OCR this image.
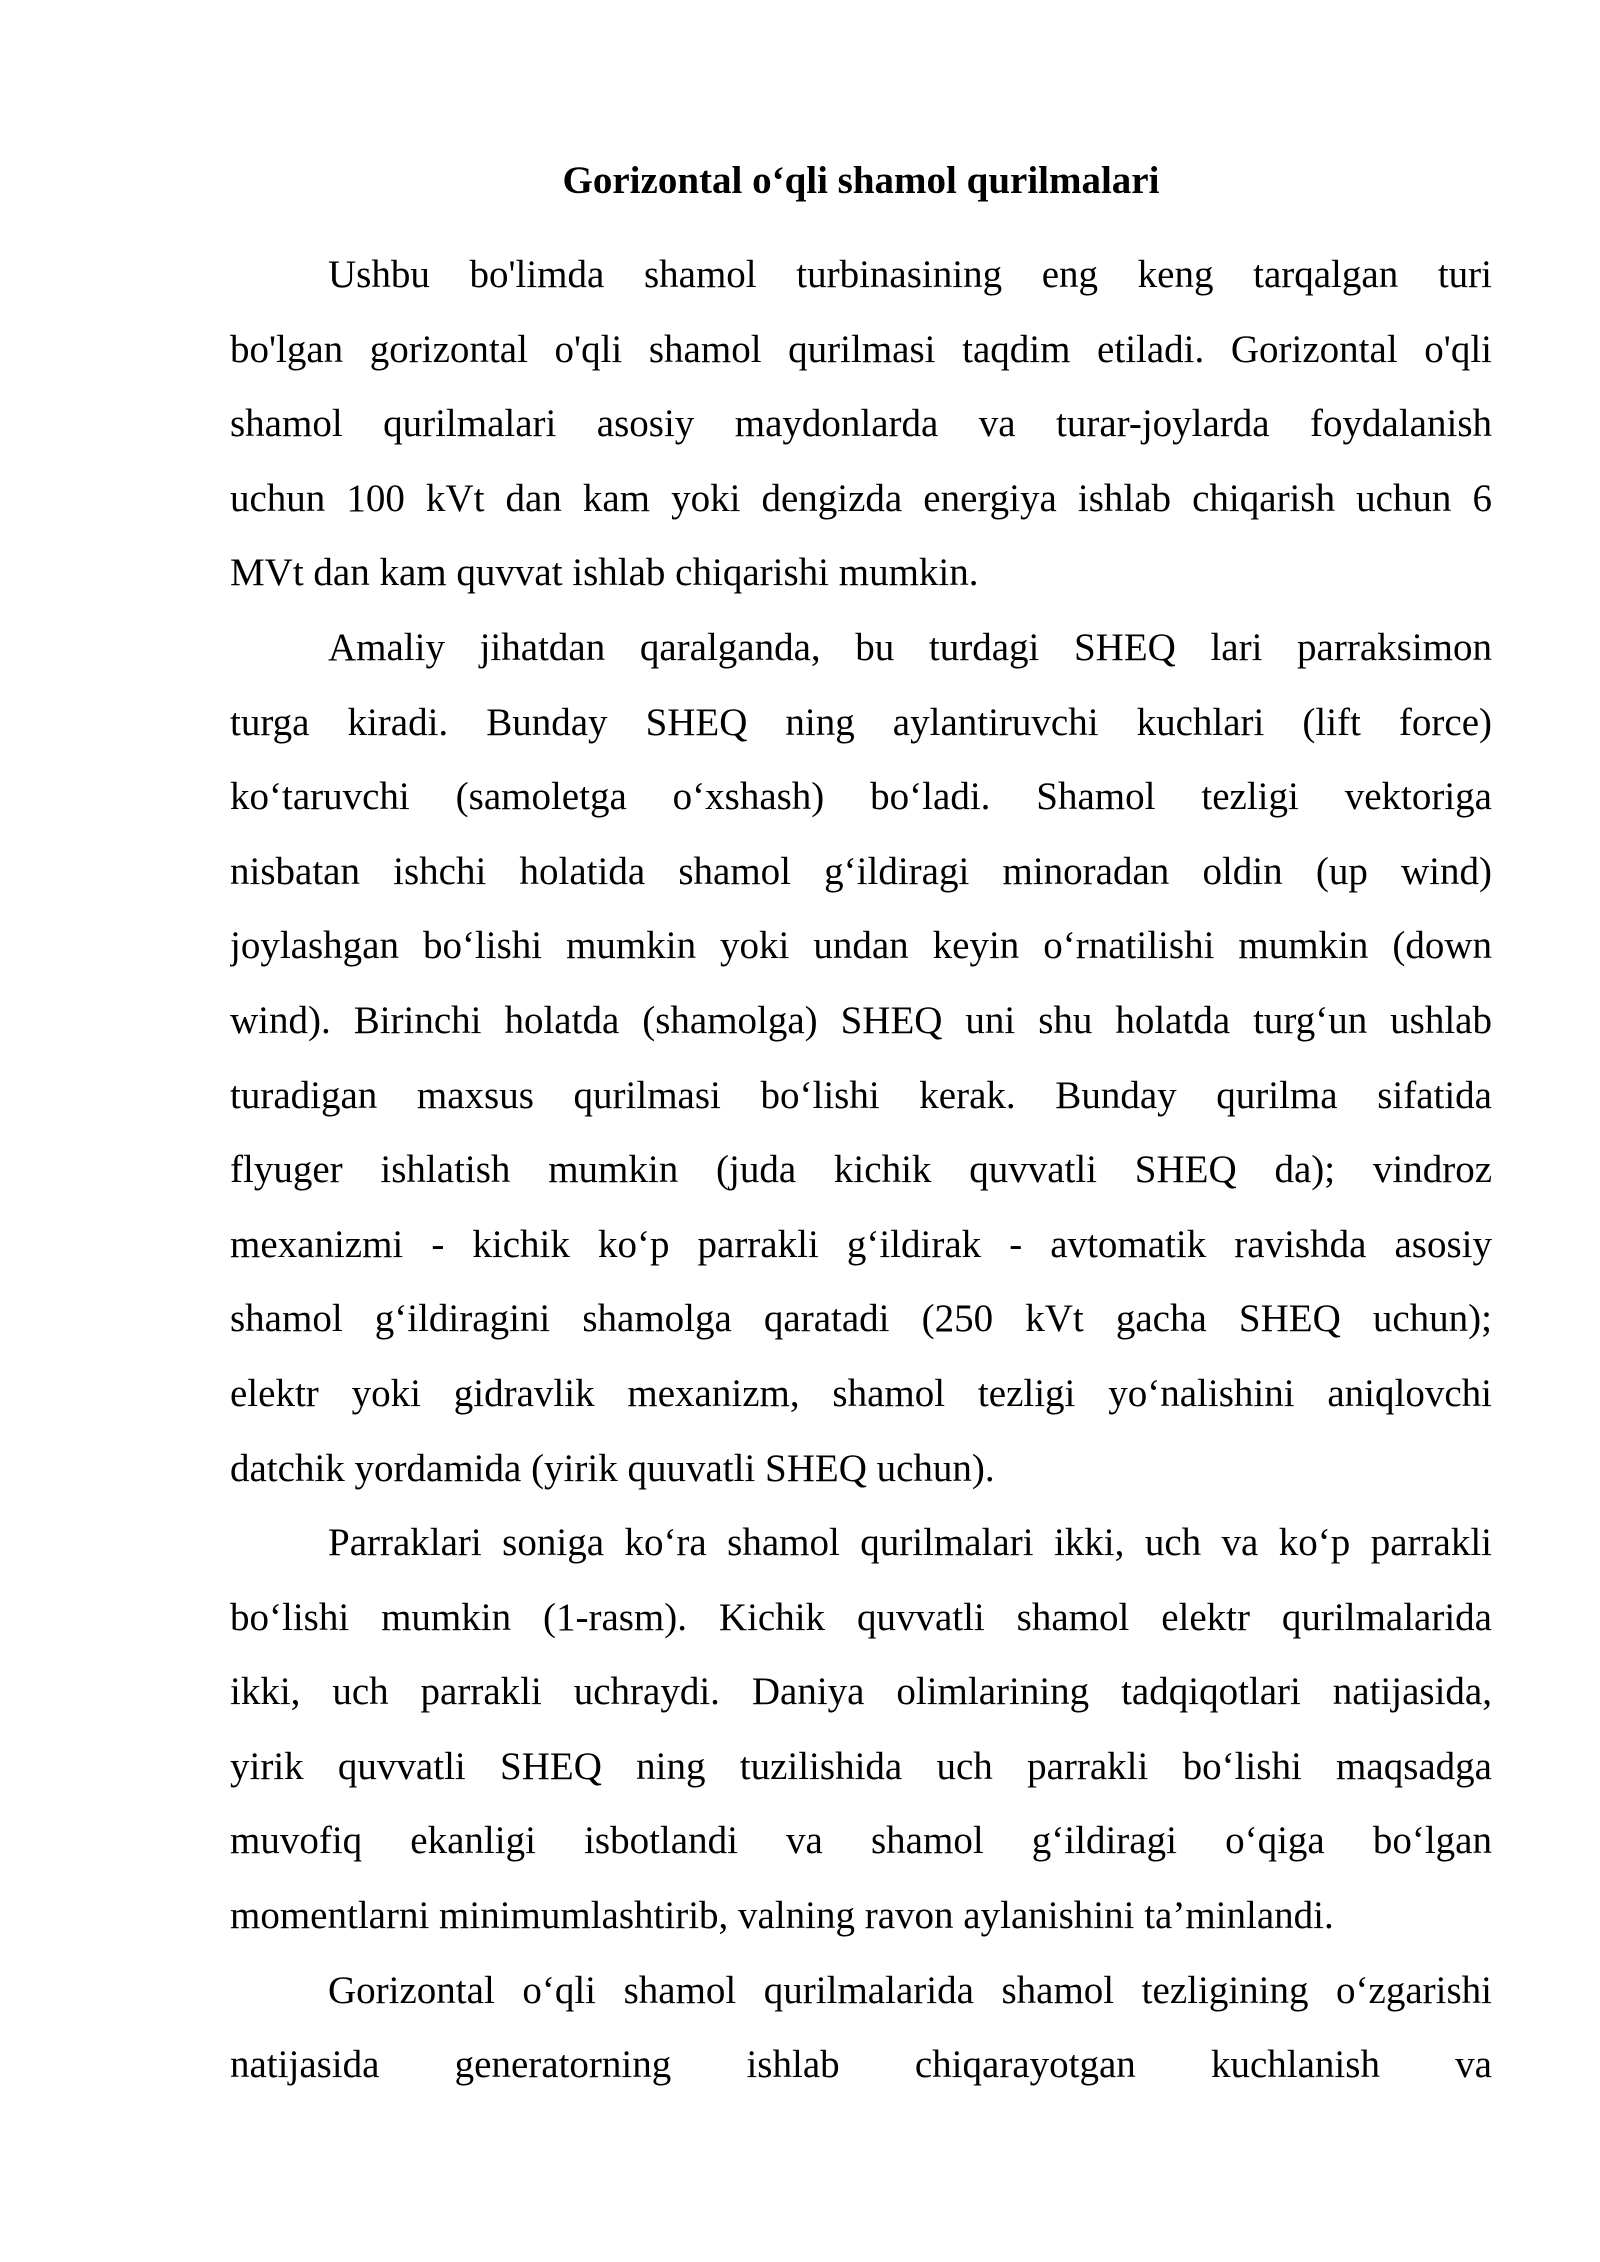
Gorizontal o‘qli shamol qurilmalari
Ushbu bo'limda shamol turbinasining eng keng tarqalgan turi
bo'lgan gorizontal o'qli shamol qurilmasi taqdim etiladi. Gorizontal o'qli
shamol qurilmalari asosiy maydonlarda va turar-joylarda foydalanish
uchun 100 kVt dan kam yoki dengizda energiya ishlab chiqarish uchun 6
MVt dan kam quvvat ishlab chiqarishi mumkin.
Amaliy jihatdan qaralganda, bu turdagi SHEQ lari parraksimon
turga kiradi. Bunday SHEQ ning aylantiruvchi kuchlari (lift force)
ko‘taruvchi (samoletga o‘xshash) bo‘ladi. Shamol tezligi vektoriga
nisbatan ishchi holatida shamol g‘ildiragi minoradan oldin (up wind)
joylashgan bo‘lishi mumkin yoki undan keyin o‘rnatilishi mumkin (down
wind). Birinchi holatda (shamolga) SHEQ uni shu holatda turg‘un ushlab
turadigan maxsus qurilmasi bo‘lishi kerak. Bunday qurilma sifatida
flyuger ishlatish mumkin (juda kichik quvvatli SHEQ da); vindroz
mexanizmi - kichik ko‘p parrakli g‘ildirak - avtomatik ravishda asosiy
shamol g‘ildiragini shamolga qaratadi (250 kVt gacha SHEQ uchun);
elektr yoki gidravlik mexanizm, shamol tezligi yo‘nalishini aniqlovchi
datchik yordamida (yirik quuvatli SHEQ uchun).
Parraklari soniga ko‘ra shamol qurilmalari ikki, uch va ko‘p parrakli
bo‘lishi mumkin (1-rasm). Kichik quvvatli shamol elektr qurilmalarida
ikki, uch parrakli uchraydi. Daniya olimlarining tadqiqotlari natijasida,
yirik quvvatli SHEQ ning tuzilishida uch parrakli bo‘lishi maqsadga
muvofiq ekanligi isbotlandi va shamol g‘ildiragi o‘qiga bo‘lgan
momentlarni minimumlashtirib, valning ravon aylanishini ta’minlandi.
Gorizontal o‘qli shamol qurilmalarida shamol tezligining o‘zgarishi
natijasida generatorning ishlab chiqarayotgan kuchlanish va
